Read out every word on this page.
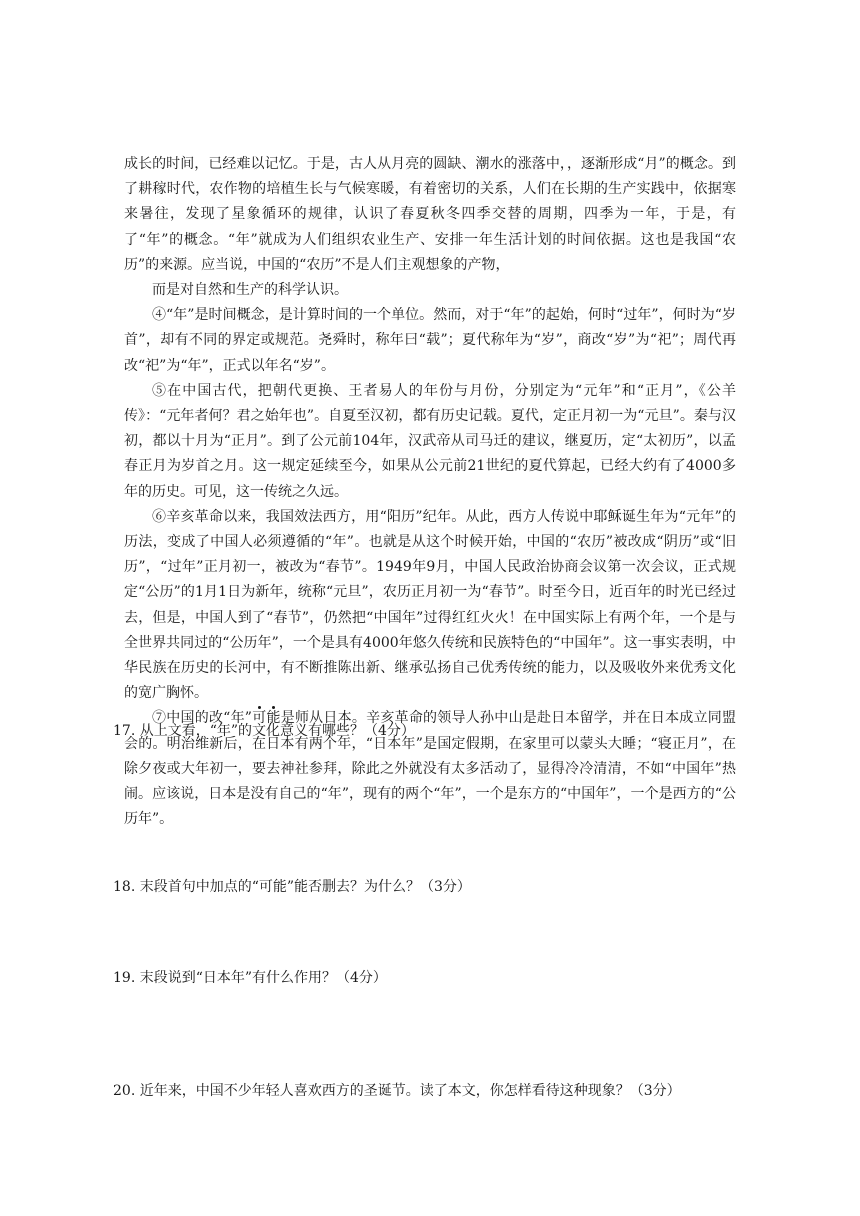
成长的时间，已经难以记忆。于是，古人从月亮的圆缺、潮水的涨落中，，逐渐形成“月”的概念。到了耕稼时代，农作物的培植生长与气候寒暖，有着密切的关系，人们在长期的生产实践中，依据寒来暑往，发现了星象循环的规律，认识了春夏秋冬四季交替的周期，四季为一年，于是，有了“年”的概念。“年”就成为人们组织农业生产、安排一年生活计划的时间依据。这也是我国“农历”的来源。应当说，中国的“农历”不是人们主观想象的产物，

而是对自然和生产的科学认识。

④“年”是时间概念，是计算时间的一个单位。然而，对于“年”的起始，何时“过年”，何时为“岁首”，却有不同的界定或规范。尧舜时，称年曰“载”；夏代称年为“岁”，商改“岁”为“祀”；周代再改“祀”为“年”，正式以年名“岁”。

⑤在中国古代，把朝代更换、王者易人的年份与月份，分别定为“元年”和“正月”，《公羊传》：“元年者何？君之始年也”。自夏至汉初，都有历史记载。夏代，定正月初一为“元旦”。秦与汉初，都以十月为“正月”。到了公元前104年，汉武帝从司马迁的建议，继夏历，定“太初历”，以孟春正月为岁首之月。这一规定延续至今，如果从公元前21世纪的夏代算起，已经大约有了4000多年的历史。可见，这一传统之久远。

⑥辛亥革命以来，我国效法西方，用“阳历”纪年。从此，西方人传说中耶稣诞生年为“元年”的历法，变成了中国人必须遵循的“年”。也就是从这个时候开始，中国的“农历”被改成“阴历”或“旧历”，“过年”正月初一，被改为“春节”。1949年9月，中国人民政治协商会议第一次会议，正式规定“公历”的1月1日为新年，统称“元旦”，农历正月初一为“春节”。时至今日，近百年的时光已经过去，但是，中国人到了“春节”，仍然把“中国年”过得红红火火！在中国实际上有两个年，一个是与全世界共同过的“公历年”，一个是具有4000年悠久传统和民族特色的“中国年”。这一事实表明，中华民族在历史的长河中，有不断推陈出新、继承弘扬自己优秀传统的能力，以及吸收外来优秀文化的宽广胸怀。

⑦中国的改“年”可能是师从日本。辛亥革命的领导人孙中山是赴日本留学，并在日本成立同盟会的。明治维新后，在日本有两个年，“日本年”是国定假期，在家里可以蒙头大睡；“寝正月”，在除夕夜或大年初一，要去神社参拜，除此之外就没有太多活动了，显得冷冷清清，不如“中国年”热闹。应该说，日本是没有自己的“年”，现有的两个“年”，一个是东方的“中国年”，一个是西方的“公历年”。

17. 从上文看，“年”的文化意义有哪些？（4分）

18. 末段首句中加点的“可能”能否删去？为什么？（3分）

19. 末段说到“日本年”有什么作用？（4分）

20. 近年来，中国不少年轻人喜欢西方的圣诞节。读了本文，你怎样看待这种现象？（3分）
